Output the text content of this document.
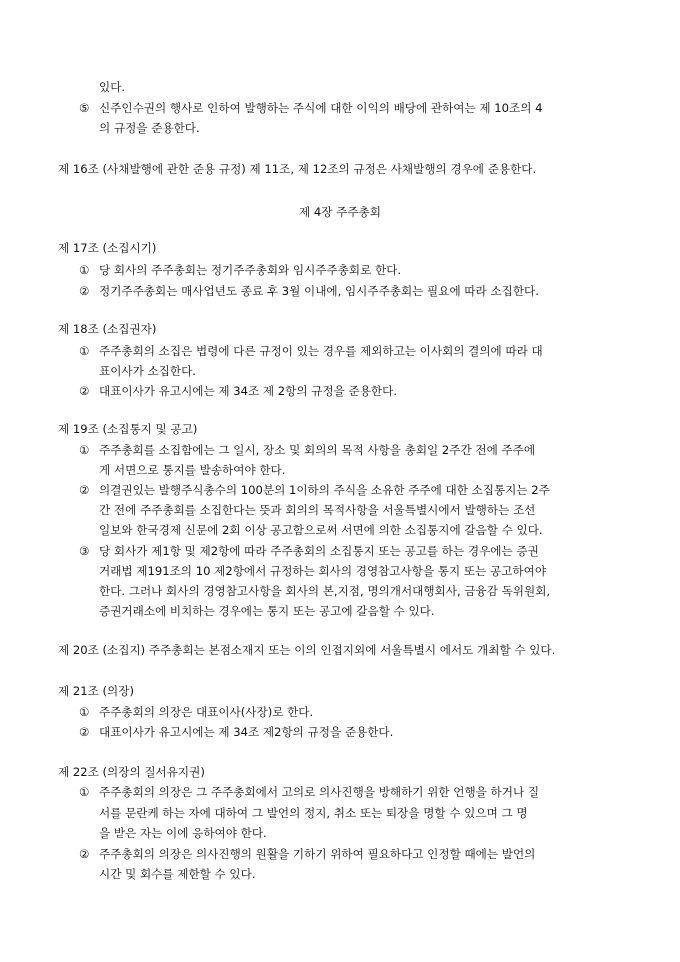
있다.
⑤ 신주인수권의 행사로 인하여 발행하는 주식에 대한 이익의 배당에 관하여는 제 10조의 4
의 규정을 준용한다.
제 16조 (사채발행에 관한 준용 규정) 제 11조, 제 12조의 규정은 사채발행의 경우에 준용한다.
제 4장 주주총회
제 17조 (소집시기)
① 당 회사의 주주총회는 정기주주총회와 임시주주총회로 한다.
② 정기주주총회는 매사업년도 종료 후 3월 이내에, 임시주주총회는 필요에 따라 소집한다.
제 18조 (소집권자)
① 주주총회의 소집은 법령에 다른 규정이 있는 경우를 제외하고는 이사회의 결의에 따라 대
표이사가 소집한다.
② 대표이사가 유고시에는 제 34조 제 2항의 규정을 준용한다.
제 19조 (소집통지 및 공고)
① 주주총회를 소집함에는 그 일시, 장소 및 회의의 목적 사항을 총회일 2주간 전에 주주에
게 서면으로 통지를 발송하여야 한다.
② 의결권있는 발행주식총수의 100분의 1이하의 주식을 소유한 주주에 대한 소집통지는 2주
간 전에 주주총회를 소집한다는 뜻과 회의의 목적사항을 서울특별시에서 발행하는 조선
일보와 한국경제 신문에 2회 이상 공고함으로써 서면에 의한 소집통지에 갈음할 수 있다.
③ 당 회사가 제1항 및 제2항에 따라 주주총회의 소집통지 또는 공고를 하는 경우에는 증권
거래법 제191조의 10 제2항에서 규정하는 회사의 경영참고사항을 통지 또는 공고하여야
한다. 그러나 회사의 경영참고사항을 회사의 본,지점, 명의개서대행회사, 금융감 독위원회,
증권거래소에 비치하는 경우에는 통지 또는 공고에 갈음할 수 있다.
제 20조 (소집지) 주주총회는 본점소재지 또는 이의 인접지외에 서울특별시 에서도 개최할 수 있다.
제 21조 (의장)
① 주주총회의 의장은 대표이사(사장)로 한다.
② 대표이사가 유고시에는 제 34조 제2항의 규정을 준용한다.
제 22조 (의장의 질서유지권)
① 주주총회의 의장은 그 주주총회에서 고의로 의사진행을 방해하기 위한 언행을 하거나 질
서를 문란케 하는 자에 대하여 그 발언의 정지, 취소 또는 퇴장을 명할 수 있으며 그 명
을 받은 자는 이에 응하여야 한다.
② 주주총회의 의장은 의사진행의 원활을 기하기 위하여 필요하다고 인정할 때에는 발언의
시간 및 회수를 제한할 수 있다.
